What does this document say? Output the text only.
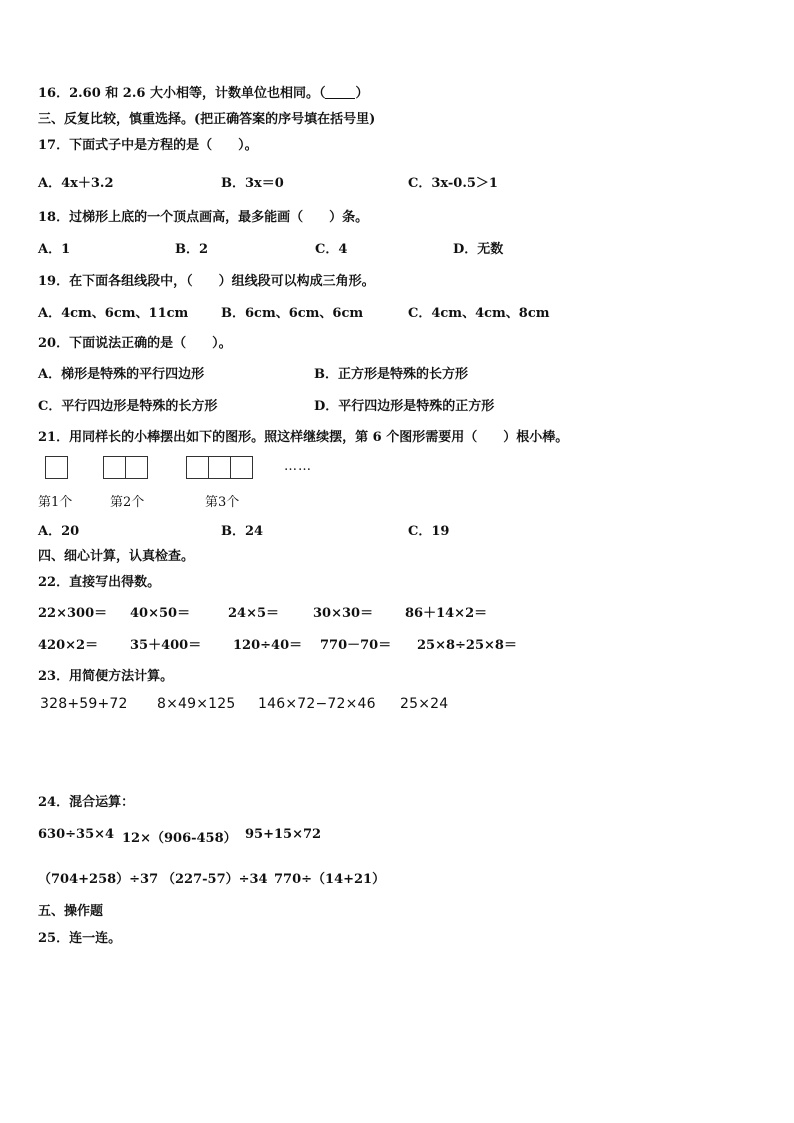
16．2.60 和 2.6 大小相等，计数单位也相同。（ ）
三、反复比较，慎重选择。(把正确答案的序号填在括号里)
17．下面式子中是方程的是（　　）。
A．4x＋3.2	B．3x＝0	C．3x-0.5＞1
18．过梯形上底的一个顶点画高，最多能画（　　）条。
A．1	B．2	C．4	D．无数
19．在下面各组线段中，（　　）组线段可以构成三角形。
A．4cm、6cm、11cm	B．6cm、6cm、6cm	C．4cm、4cm、8cm
20．下面说法正确的是（　　）。
A．梯形是特殊的平行四边形	B．正方形是特殊的长方形
C．平行四边形是特殊的长方形	D．平行四边形是特殊的正方形
21．用同样长的小棒摆出如下的图形。照这样继续摆，第 6 个图形需要用（　　）根小棒。
……
第1个	第2个	第3个
A．20	B．24	C．19
四、细心计算，认真检查。
22．直接写出得数。
22×300＝ 40×50＝	24×5＝	30×30＝ 86＋14×2＝
420×2＝ 35＋400＝ 120÷40＝ 770－70＝ 25×8÷25×8＝
23．用简便方法计算。
328+59+72 8×49×125 146×72−72×46 25×24
24．混合运算：
630÷35×4 12×（906-458） 95+15×72
（704+258）÷37 （227-57）÷34 770÷（14+21）
五、操作题
25．连一连。
